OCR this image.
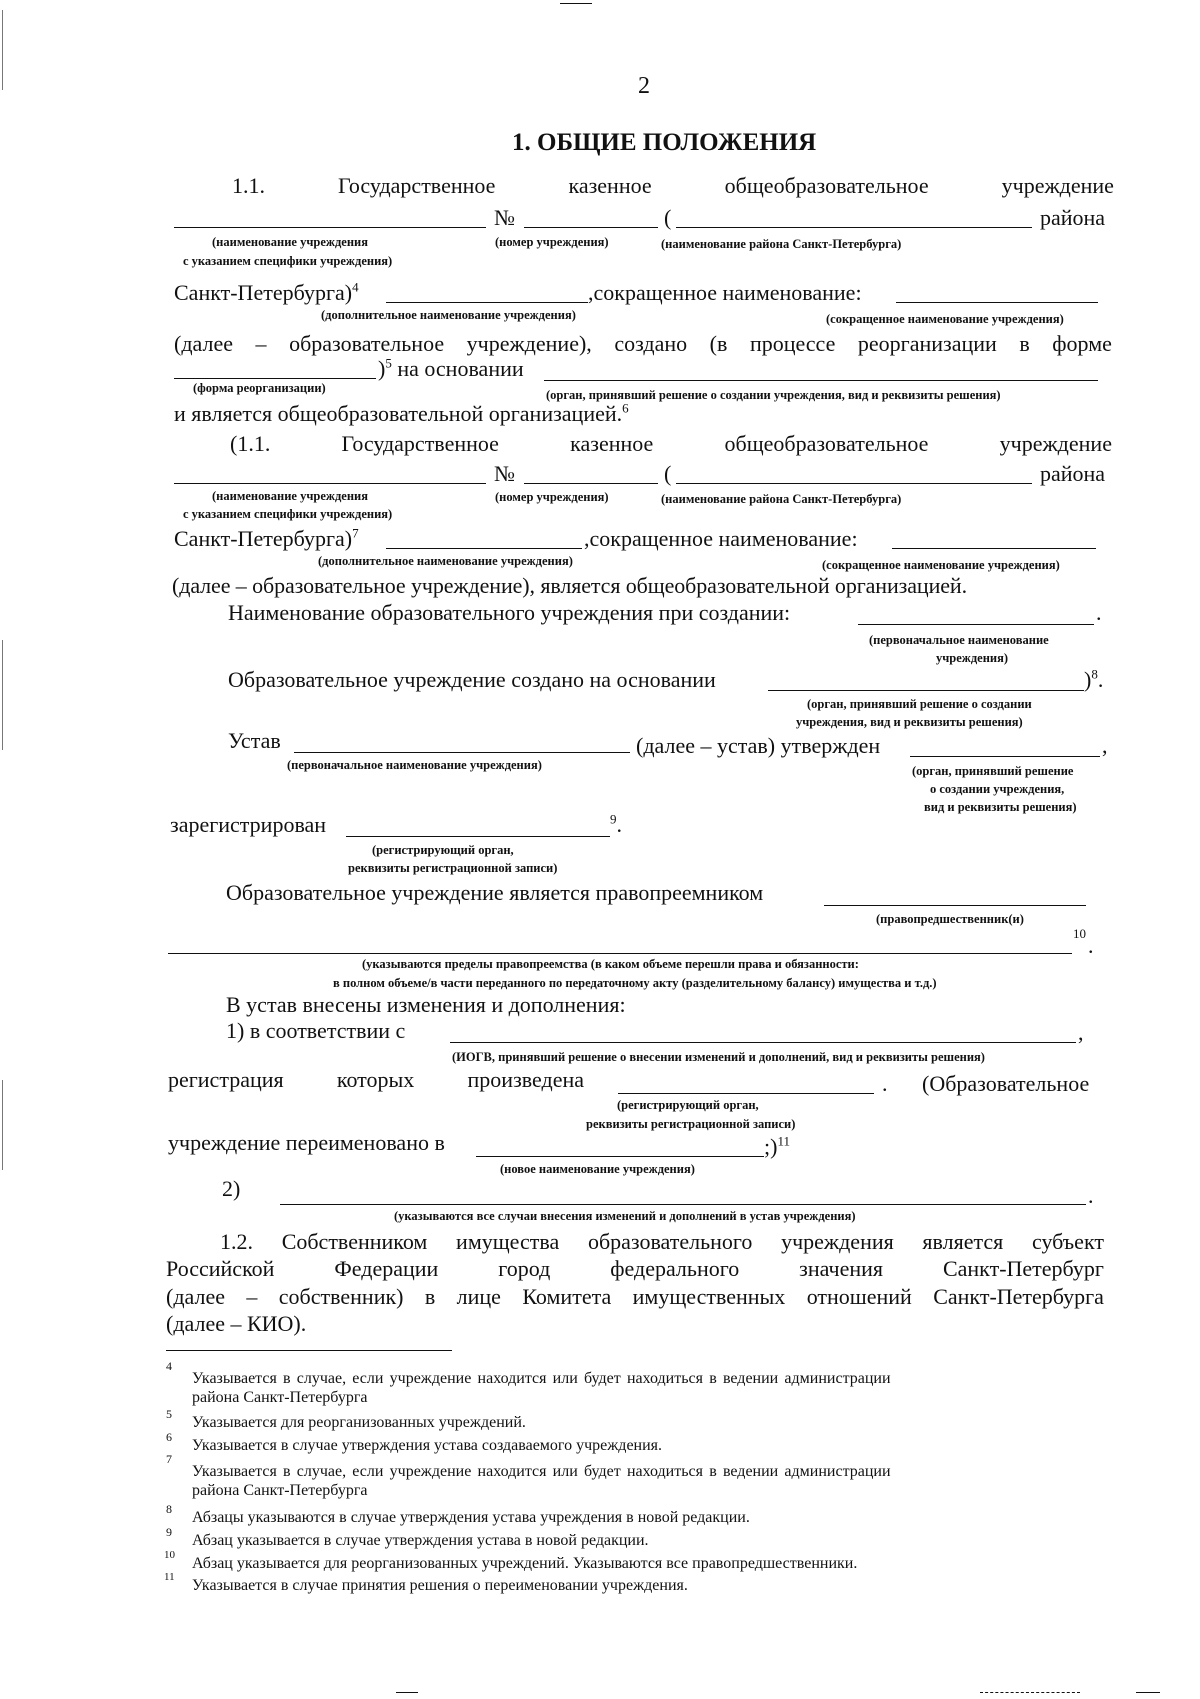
2
1. ОБЩИЕ ПОЛОЖЕНИЯ
1.1.	Государственное	казенное	общеобразовательное	учреждение
№	(	района
(наименование учреждения
с указанием специфики учреждения)
(номер учреждения)	(наименование района Санкт-Петербурга)
Санкт-Петербурга)$^4$	,сокращенное наименование:
(дополнительное наименование учреждения)	(сокращенное наименование учреждения)
(далее – образовательное учреждение), создано (в процессе реорганизации в форме
)$^5$ на основании
(форма реорганизации)	(орган, принявший решение о создании учреждения, вид и реквизиты решения)
и является общеобразовательной организацией.$^6$
(1.1.	Государственное	казенное	общеобразовательное	учреждение
№	(	района
(наименование учреждения
с указанием специфики учреждения)
(номер учреждения)	(наименование района Санкт-Петербурга)
Санкт-Петербурга)$^7$	,сокращенное наименование:
(дополнительное наименование учреждения)	(сокращенное наименование учреждения)
(далее – образовательное учреждение), является общеобразовательной организацией.
Наименование образовательного учреждения при создании:	.
(первоначальное наименование
учреждения)
Образовательное учреждение создано на основании	)$^8$.
(орган, принявший решение о создании
учреждения, вид и реквизиты решения)
Устав	(далее – устав) утвержден	,
(первоначальное наименование учреждения)	(орган, принявший решение
о создании учреждения,
вид и реквизиты решения)
зарегистрирован	$^9$.
(регистрирующий орган,
реквизиты регистрационной записи)
Образовательное учреждение является правопреемником
(правопредшественник(и)
10 .
(указываются пределы правопреемства (в каком объеме перешли права и обязанности:
в полном объеме/в части переданного по передаточному акту (разделительному балансу) имущества и т.д.)
В устав внесены изменения и дополнения:
1) в соответствии с	,
(ИОГВ, принявший решение о внесении изменений и дополнений, вид и реквизиты решения)
регистрация которых произведена	. (Образовательное
(регистрирующий орган,
реквизиты регистрационной записи)
учреждение переименовано в	;)$^{11}$
(новое наименование учреждения)
2)	.
(указываются все случаи внесения изменений и дополнений в устав учреждения)
1.2. Собственником имущества образовательного учреждения является субъект
Российской	Федерации	город	федерального	значения	Санкт-Петербург
(далее – собственник) в лице Комитета имущественных отношений Санкт-Петербурга
(далее – КИО).
4
Указывается в случае, если учреждение находится или будет находиться в ведении администрации
района Санкт-Петербурга
5 Указывается для реорганизованных учреждений.
6 Указывается в случае утверждения устава создаваемого учреждения.
7
Указывается в случае, если учреждение находится или будет находиться в ведении администрации
района Санкт-Петербурга
8 Абзацы указываются в случае утверждения устава учреждения в новой редакции.
9 Абзац указывается в случае утверждения устава в новой редакции.
10 Абзац указывается для реорганизованных учреждений. Указываются все правопредшественники.
11 Указывается в случае принятия решения о переименовании учреждения.
